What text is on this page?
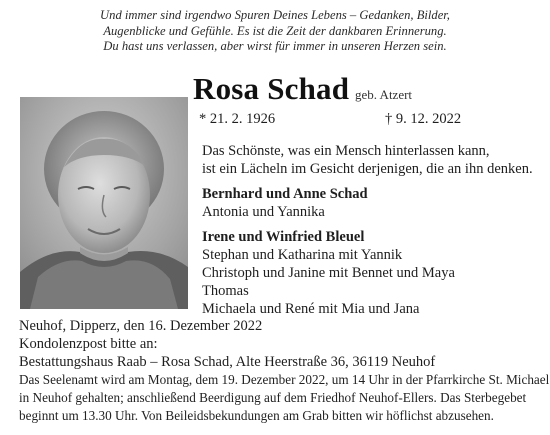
Und immer sind irgendwo Spuren Deines Lebens – Gedanken, Bilder,
Augenblicke und Gefühle. Es ist die Zeit der dankbaren Erinnerung.
Du hast uns verlassen, aber wirst für immer in unseren Herzen sein.
Rosa Schad geb. Atzert
* 21. 2. 1926	† 9. 12. 2022
Das Schönste, was ein Mensch hinterlassen kann,
ist ein Lächeln im Gesicht derjenigen, die an ihn denken.
Bernhard und Anne Schad
Antonia und Yannika
Irene und Winfried Bleuel
Stephan und Katharina mit Yannik
Christoph und Janine mit Bennet und Maya
Thomas
Michaela und René mit Mia und Jana
Neuhof, Dipperz, den 16. Dezember 2022
Kondolenzpost bitte an:
Bestattungshaus Raab – Rosa Schad, Alte Heerstraße 36, 36119 Neuhof
Das Seelenamt wird am Montag, dem 19. Dezember 2022, um 14 Uhr in der Pfarrkirche St. Michael
in Neuhof gehalten; anschließend Beerdigung auf dem Friedhof Neuhof-Ellers. Das Sterbegebet
beginnt um 13.30 Uhr. Von Beileidsbekundungen am Grab bitten wir höflichst abzusehen.
